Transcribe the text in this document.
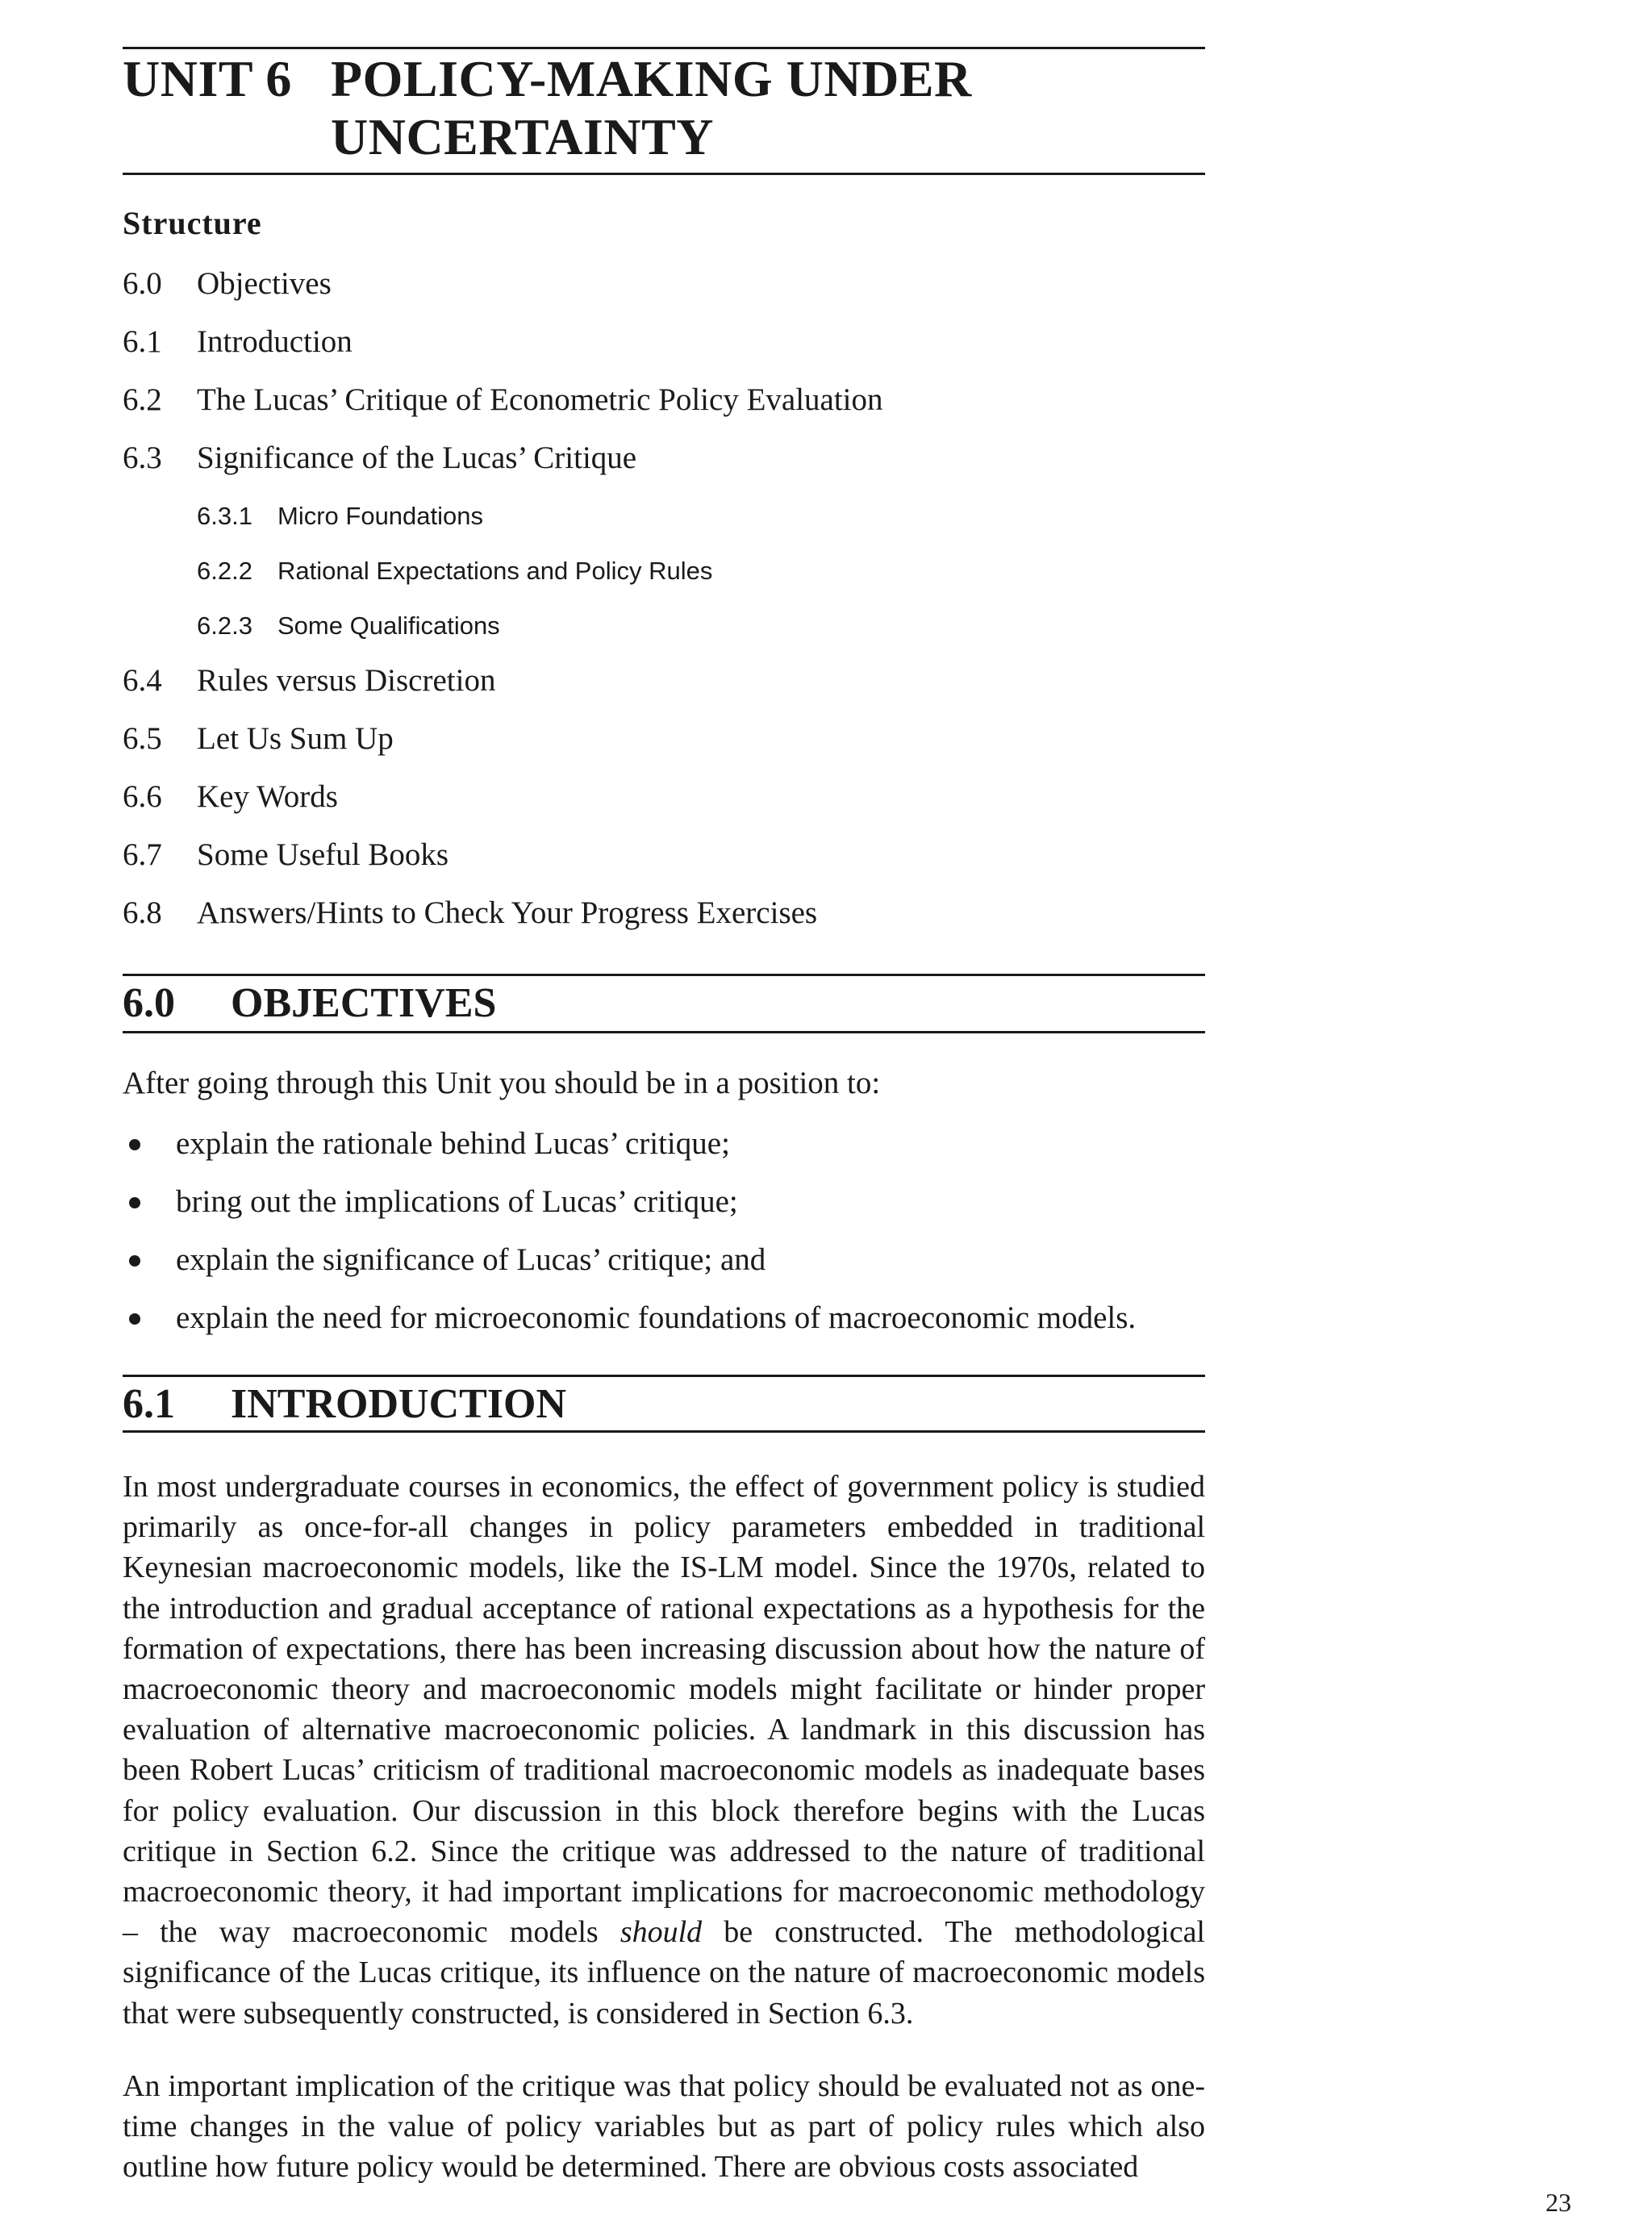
UNIT 6 POLICY-MAKING UNDER
UNCERTAINTY
Structure
6.0 Objectives
6.1 Introduction
6.2 The Lucas’ Critique of Econometric Policy Evaluation
6.3 Significance of the Lucas’ Critique
6.3.1 Micro Foundations
6.2.2 Rational Expectations and Policy Rules
6.2.3 Some Qualifications
6.4 Rules versus Discretion
6.5 Let Us Sum Up
6.6 Key Words
6.7 Some Useful Books
6.8 Answers/Hints to Check Your Progress Exercises
6.0 OBJECTIVES
After going through this Unit you should be in a position to:
explain the rationale behind Lucas’ critique;
bring out the implications of Lucas’ critique;
explain the significance of Lucas’ critique; and
explain the need for microeconomic foundations of macroeconomic models.
6.1 INTRODUCTION

In most undergraduate courses in economics, the effect of government policy is studied primarily as once-for-all changes in policy parameters embedded in traditional Keynesian macroeconomic models, like the IS-LM model. Since the 1970s, related to the introduction and gradual acceptance of rational expectations as a hypothesis for the formation of expectations, there has been increasing discussion about how the nature of macroeconomic theory and macroeconomic models might facilitate or hinder proper evaluation of alternative macroeconomic policies. A landmark in this discussion has been Robert Lucas’ criticism of traditional macroeconomic models as inadequate bases for policy evaluation. Our discussion in this block therefore begins with the Lucas critique in Section 6.2. Since the critique was addressed to the nature of traditional macroeconomic theory, it had important implications for macroeconomic methodology – the way macroeconomic models should be constructed. The methodological significance of the Lucas critique, its influence on the nature of macroeconomic models that were subsequently constructed, is considered in Section 6.3.

An important implication of the critique was that policy should be evaluated not as one-time changes in the value of policy variables but as part of policy rules which also outline how future policy would be determined. There are obvious costs associated

23
